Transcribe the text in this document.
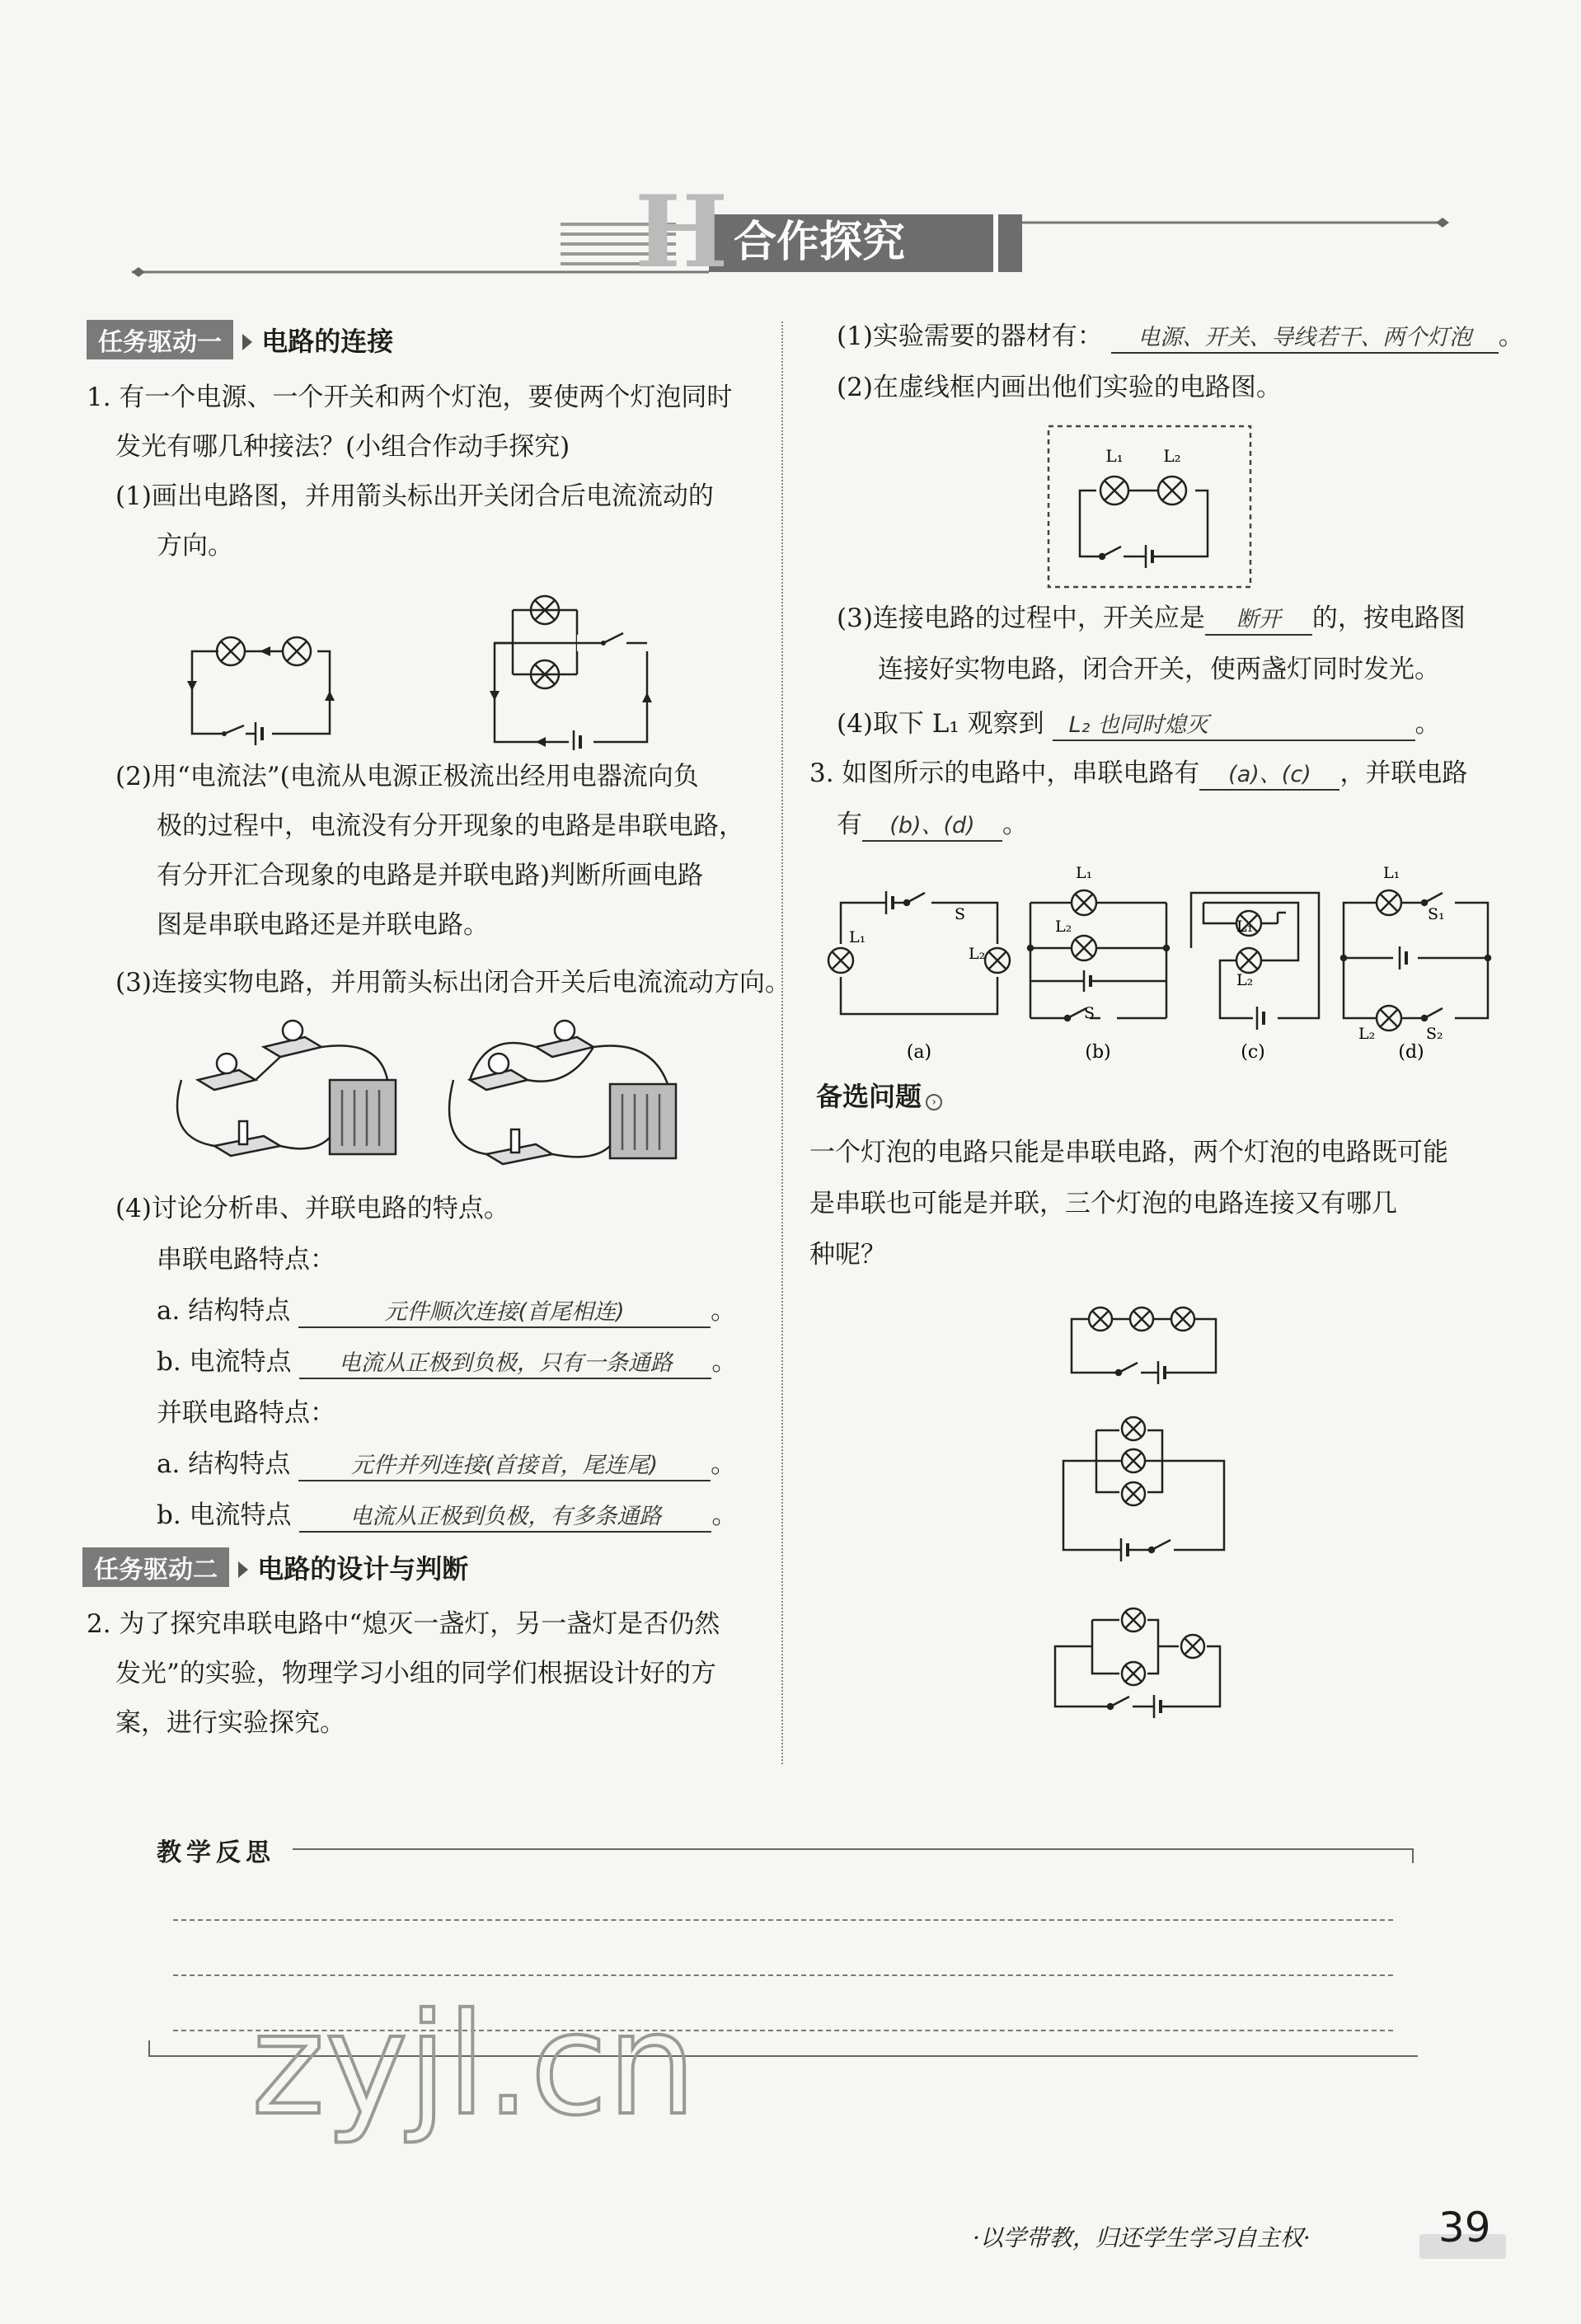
H 合作探究
任务驱动一 电路的连接
1. 有一个电源、一个开关和两个灯泡，要使两个灯泡同时
发光有哪几种接法？(小组合作动手探究)
(1)画出电路图，并用箭头标出开关闭合后电流流动的
方向。
(2)用“电流法”(电流从电源正极流出经用电器流向负
极的过程中，电流没有分开现象的电路是串联电路，
有分开汇合现象的电路是并联电路)判断所画电路
图是串联电路还是并联电路。
(3)连接实物电路，并用箭头标出闭合开关后电流流动方向。
(4)讨论分析串、并联电路的特点。
串联电路特点：
a. 结构特点	元件顺次连接(首尾相连)	。
b. 电流特点 电流从正极到负极，只有一条通路 。
并联电路特点：
a. 结构特点	元件并列连接(首接首，尾连尾) 。
b. 电流特点	电流从正极到负极，有多条通路 。
任务驱动二 电路的设计与判断
2. 为了探究串联电路中“熄灭一盏灯，另一盏灯是否仍然
发光”的实验，物理学习小组的同学们根据设计好的方
案，进行实验探究。
(1)实验需要的器材有： 电源、开关、导线若干、两个灯泡 。
(2)在虚线框内画出他们实验的电路图。
L₁ L₂
(3)连接电路的过程中，开关应是 断开 的，按电路图
连接好实物电路，闭合开关，使两盏灯同时发光。
(4)取下 L₁ 观察到 L₂ 也同时熄灭	。
3. 如图所示的电路中，串联电路有 (a)、(c) ，并联电路
有 (b)、(d) 。
L₁
L₂
S
L₁
L₂
S
L₁
L₂
L₁
S₁
L₂	S₂
(a)	(b)	(c)	(d)
备选问题 ›
一个灯泡的电路只能是串联电路，两个灯泡的电路既可能
是串联也可能是并联，三个灯泡的电路连接又有哪几
种呢？
教学反思
zyjl.cn
·以学带教，归还学生学习自主权·	39
